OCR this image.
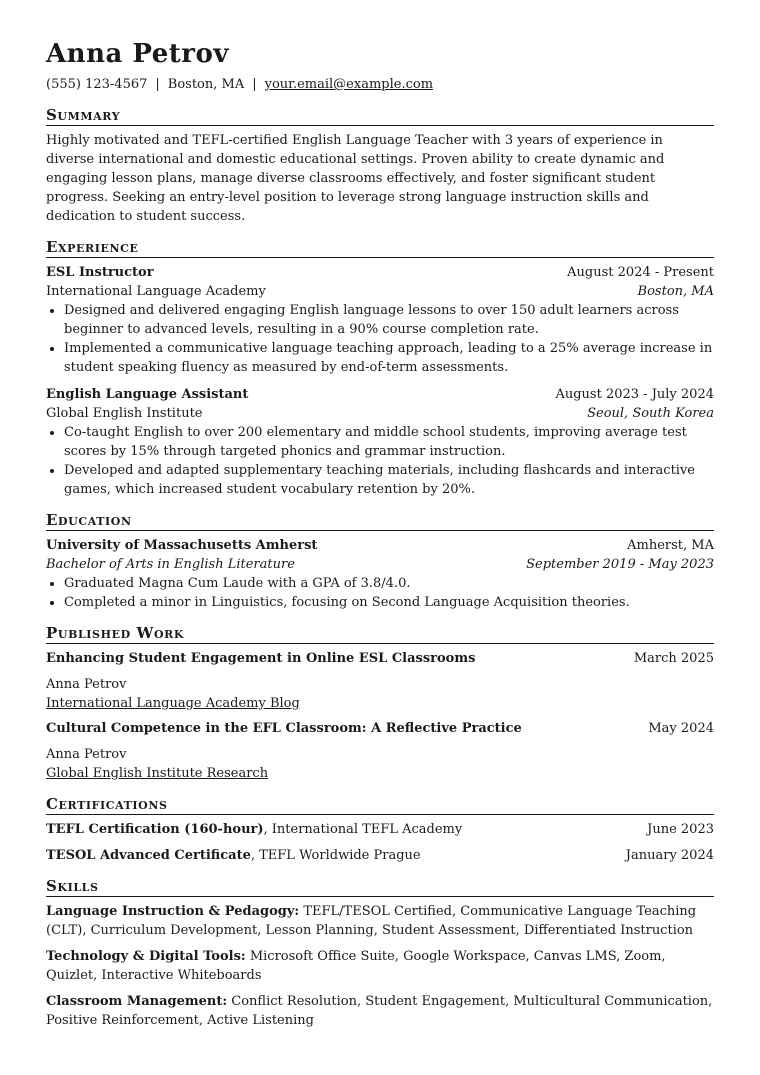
Anna Petrov
(555) 123-4567 | Boston, MA | your.email@example.com
Summary

Highly motivated and TEFL-certified English Language Teacher with 3 years of experience in diverse international and domestic educational settings. Proven ability to create dynamic and engaging lesson plans, manage diverse classrooms effectively, and foster significant student progress. Seeking an entry-level position to leverage strong language instruction skills and dedication to student success.

Experience
ESL Instructor	August 2024 - Present
International Language Academy	Boston, MA
• Designed and delivered engaging English language lessons to over 150 adult learners across beginner to advanced levels, resulting in a 90% course completion rate.
• Implemented a communicative language teaching approach, leading to a 25% average increase in student speaking fluency as measured by end-of-term assessments.
English Language Assistant	August 2023 - July 2024
Global English Institute	Seoul, South Korea
• Co-taught English to over 200 elementary and middle school students, improving average test scores by 15% through targeted phonics and grammar instruction.
• Developed and adapted supplementary teaching materials, including flashcards and interactive games, which increased student vocabulary retention by 20%.
Education
University of Massachusetts Amherst	Amherst, MA
Bachelor of Arts in English Literature	September 2019 - May 2023
• Graduated Magna Cum Laude with a GPA of 3.8/4.0.
• Completed a minor in Linguistics, focusing on Second Language Acquisition theories.
Published Work
Enhancing Student Engagement in Online ESL Classrooms	March 2025
Anna Petrov
International Language Academy Blog
Cultural Competence in the EFL Classroom: A Reflective Practice	May 2024
Anna Petrov
Global English Institute Research
Certifications
TEFL Certification (160-hour), International TEFL Academy	June 2023
TESOL Advanced Certificate, TEFL Worldwide Prague	January 2024
Skills
Language Instruction & Pedagogy: TEFL/TESOL Certified, Communicative Language Teaching (CLT), Curriculum Development, Lesson Planning, Student Assessment, Differentiated Instruction
Technology & Digital Tools: Microsoft Office Suite, Google Workspace, Canvas LMS, Zoom, Quizlet, Interactive Whiteboards
Classroom Management: Conflict Resolution, Student Engagement, Multicultural Communication, Positive Reinforcement, Active Listening
